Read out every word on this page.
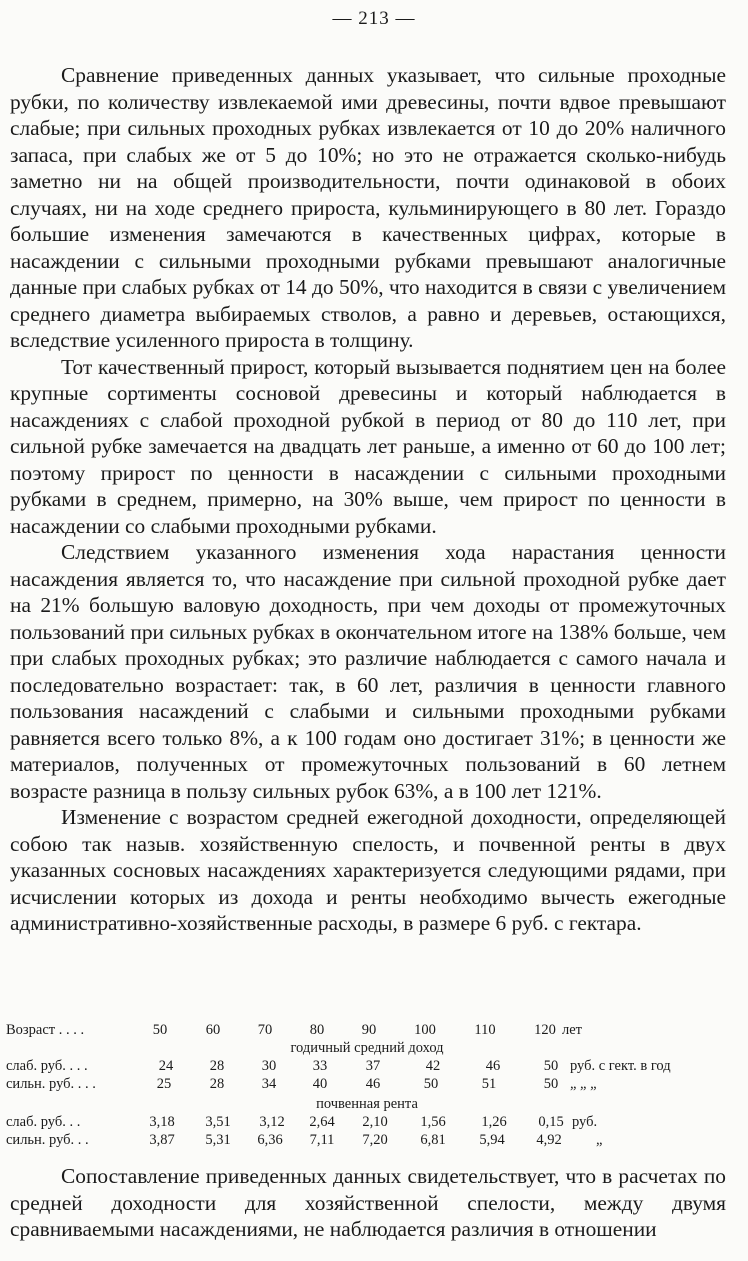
— 213 —

Сравнение приведенных данных указывает, что сильные проходные рубки, по количеству извлекаемой ими древесины, почти вдвое превышают слабые; при сильных проходных рубках извлекается от 10 до 20% наличного запаса, при слабых же от 5 до 10%; но это не отражается сколько-нибудь заметно ни на общей производительности, почти одинаковой в обоих случаях, ни на ходе среднего прироста, кульминирующего в 80 лет. Гораздо большие изменения замечаются в качественных цифрах, которые в насаждении с сильными проходными рубками превышают аналогичные данные при слабых рубках от 14 до 50%, что находится в связи с увеличением среднего диаметра выбираемых стволов, а равно и деревьев, остающихся, вследствие усиленного прироста в толщину.

Тот качественный прирост, который вызывается поднятием цен на более крупные сортименты сосновой древесины и который наблюдается в насаждениях с слабой проходной рубкой в период от 80 до 110 лет, при сильной рубке замечается на двадцать лет раньше, а именно от 60 до 100 лет; поэтому прирост по ценности в насаждении с сильными проходными рубками в среднем, примерно, на 30% выше, чем прирост по ценности в насаждении со слабыми проходными рубками.

Следствием указанного изменения хода нарастания ценности насаждения является то, что насаждение при сильной проходной рубке дает на 21% большую валовую доходность, при чем доходы от промежуточных пользований при сильных рубках в окончательном итоге на 138% больше, чем при слабых проходных рубках; это различие наблюдается с самого начала и последовательно возрастает: так, в 60 лет, различия в ценности главного пользования насаждений с слабыми и сильными проходными рубками равняется всего только 8%, а к 100 годам оно достигает 31%; в ценности же материалов, полученных от промежуточных пользований в 60 летнем возрасте разница в пользу сильных рубок 63%, а в 100 лет 121%.

Изменение с возрастом средней ежегодной доходности, определяющей собою так назыв. хозяйственную спелость, и почвенной ренты в двух указанных сосновых насаждениях характеризуется следующими рядами, при исчислении которых из дохода и ренты необходимо вычесть ежегодные административно-хозяйственные расходы, в размере 6 руб. с гектара.

Возраст . . . .	50	60	70	80	90	100	110	120 лет
годичный средний доход
слаб. руб. . . .	24	28	30	33	37	42	46	50 руб. с гект. в год
сильн. руб. . . .	25	28	34	40	46	50	51	50 „ „ „
почвенная рента
слаб. руб. . .	3,18 3,51 3,12 2,64 2,10 1,56 1,26 0,15 руб.
сильн. руб. . .	3,87 5,31 6,36 7,11 7,20 6,81 5,94 4,92 „

Сопоставление приведенных данных свидетельствует, что в расчетах по средней доходности для хозяйственной спелости, между двумя сравниваемыми насаждениями, не наблюдается различия в отношении
